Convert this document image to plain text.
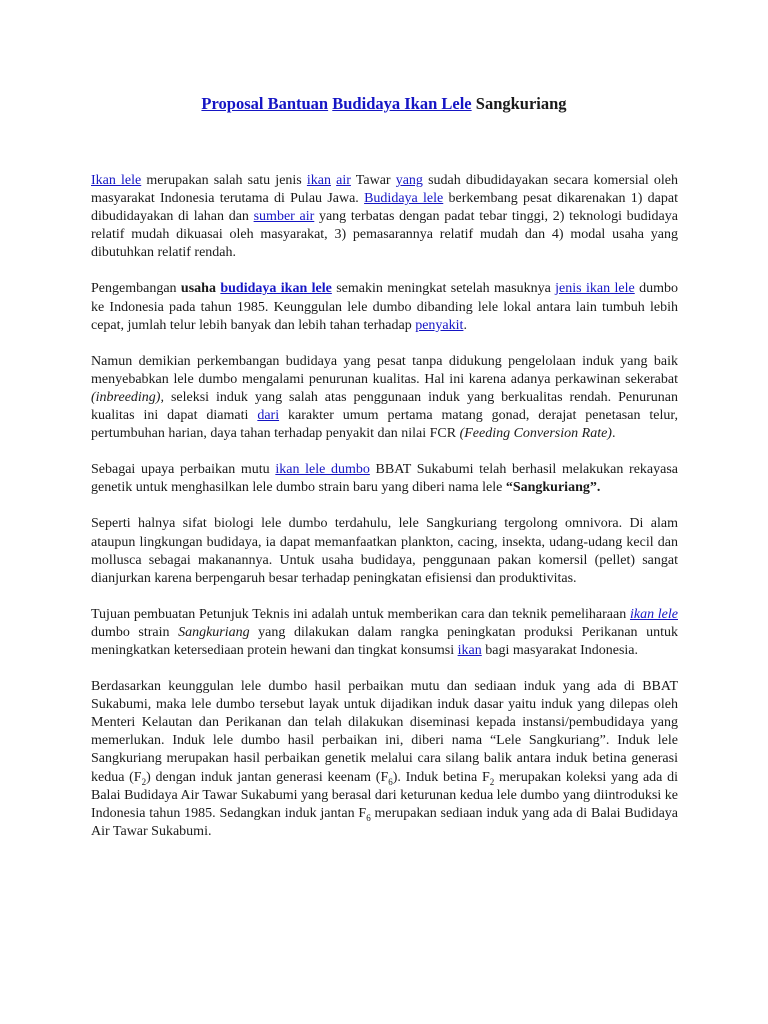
Proposal Bantuan Budidaya Ikan Lele Sangkuriang

Ikan lele merupakan salah satu jenis ikan air Tawar yang sudah dibudidayakan secara komersial oleh masyarakat Indonesia terutama di Pulau Jawa. Budidaya lele berkembang pesat dikarenakan 1) dapat dibudidayakan di lahan dan sumber air yang terbatas dengan padat tebar tinggi, 2) teknologi budidaya relatif mudah dikuasai oleh masyarakat, 3) pemasarannya relatif mudah dan 4) modal usaha yang dibutuhkan relatif rendah.

Pengembangan usaha budidaya ikan lele semakin meningkat setelah masuknya jenis ikan lele dumbo ke Indonesia pada tahun 1985. Keunggulan lele dumbo dibanding lele lokal antara lain tumbuh lebih cepat, jumlah telur lebih banyak dan lebih tahan terhadap penyakit.

Namun demikian perkembangan budidaya yang pesat tanpa didukung pengelolaan induk yang baik menyebabkan lele dumbo mengalami penurunan kualitas. Hal ini karena adanya perkawinan sekerabat (inbreeding), seleksi induk yang salah atas penggunaan induk yang berkualitas rendah. Penurunan kualitas ini dapat diamati dari karakter umum pertama matang gonad, derajat penetasan telur, pertumbuhan harian, daya tahan terhadap penyakit dan nilai FCR (Feeding Conversion Rate).

Sebagai upaya perbaikan mutu ikan lele dumbo BBAT Sukabumi telah berhasil melakukan rekayasa genetik untuk menghasilkan lele dumbo strain baru yang diberi nama lele “Sangkuriang”.

Seperti halnya sifat biologi lele dumbo terdahulu, lele Sangkuriang tergolong omnivora. Di alam ataupun lingkungan budidaya, ia dapat memanfaatkan plankton, cacing, insekta, udang-udang kecil dan mollusca sebagai makanannya. Untuk usaha budidaya, penggunaan pakan komersil (pellet) sangat dianjurkan karena berpengaruh besar terhadap peningkatan efisiensi dan produktivitas.

Tujuan pembuatan Petunjuk Teknis ini adalah untuk memberikan cara dan teknik pemeliharaan ikan lele dumbo strain Sangkuriang yang dilakukan dalam rangka peningkatan produksi Perikanan untuk meningkatkan ketersediaan protein hewani dan tingkat konsumsi ikan bagi masyarakat Indonesia.

Berdasarkan keunggulan lele dumbo hasil perbaikan mutu dan sediaan induk yang ada di BBAT Sukabumi, maka lele dumbo tersebut layak untuk dijadikan induk dasar yaitu induk yang dilepas oleh Menteri Kelautan dan Perikanan dan telah dilakukan diseminasi kepada instansi/pembudidaya yang memerlukan. Induk lele dumbo hasil perbaikan ini, diberi nama “Lele Sangkuriang”. Induk lele Sangkuriang merupakan hasil perbaikan genetik melalui cara silang balik antara induk betina generasi kedua $(F_2)$ dengan induk jantan generasi keenam $(F_6)$. Induk betina $F_2$ merupakan koleksi yang ada di Balai Budidaya Air Tawar Sukabumi yang berasal dari keturunan kedua lele dumbo yang diintroduksi ke Indonesia tahun 1985. Sedangkan induk jantan $F_6$ merupakan sediaan induk yang ada di Balai Budidaya Air Tawar Sukabumi.
